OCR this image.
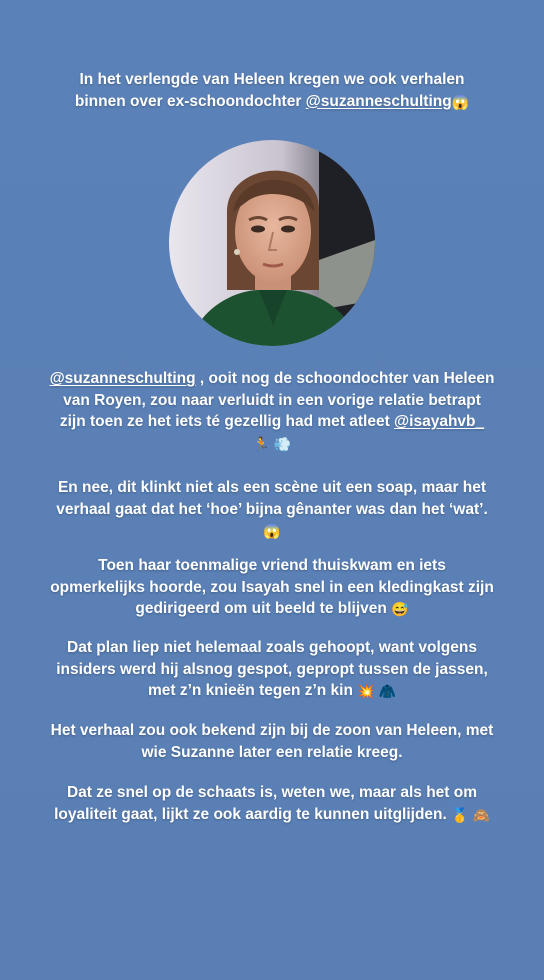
In het verlengde van Heleen kregen we ook verhalen
binnen over ex-schoondochter @suzanneschulting😱
@suzanneschulting , ooit nog de schoondochter van Heleen
van Royen, zou naar verluidt in een vorige relatie betrapt
zijn toen ze het iets té gezellig had met atleet @isayahvb_
🏃 💨
En nee, dit klinkt niet als een scène uit een soap, maar het
verhaal gaat dat het ‘hoe’ bijna gênanter was dan het ‘wat’.
😱
Toen haar toenmalige vriend thuiskwam en iets
opmerkelijks hoorde, zou Isayah snel in een kledingkast zijn
gedirigeerd om uit beeld te blijven 😅
Dat plan liep niet helemaal zoals gehoopt, want volgens
insiders werd hij alsnog gespot, geprop​t tussen de jassen,
met z’n knieën tegen z’n kin 💥 🧥
Het verhaal zou ook bekend zijn bij de zoon van Heleen, met
wie Suzanne later een relatie kreeg.
Dat ze snel op de schaats is, weten we, maar als het om
loyaliteit gaat, lijkt ze ook aardig te kunnen uitglijden. 🥇 🙈
